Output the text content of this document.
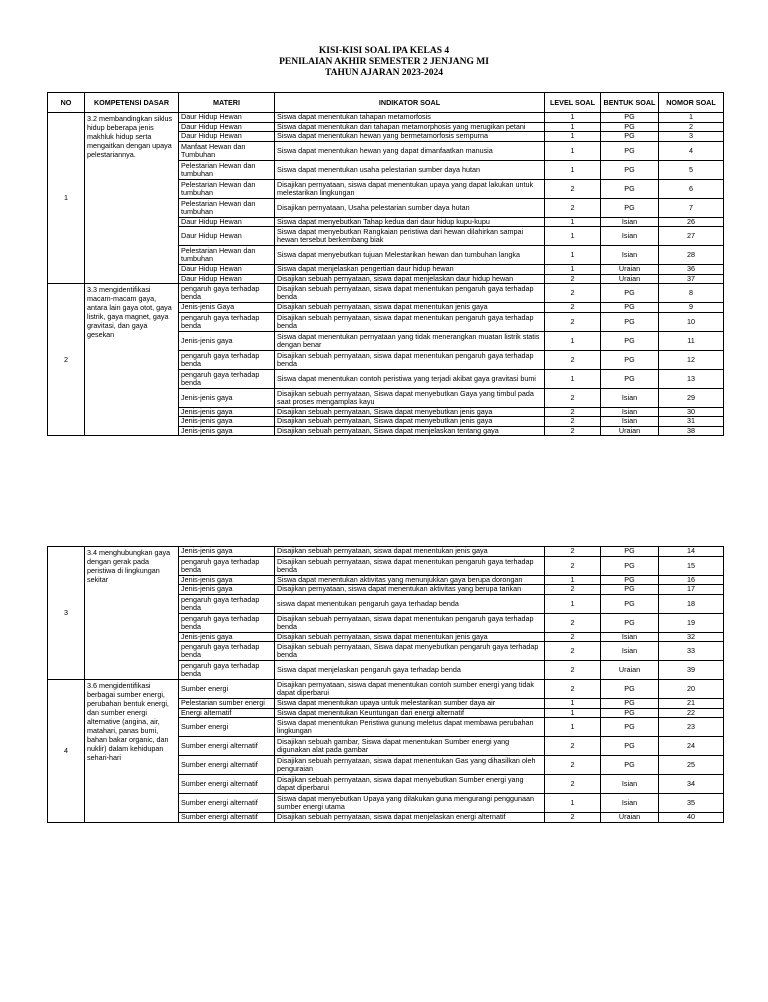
KISI-KISI SOAL IPA KELAS 4
PENILAIAN AKHIR SEMESTER 2 JENJANG MI
TAHUN AJARAN 2023-2024
NO	KOMPETENSI DASAR	MATERI	INDIKATOR SOAL	LEVEL SOAL	BENTUK SOAL	NOMOR SOAL
1	3.2 membandingkan siklus hidup beberapa jenis makhluk hidup serta mengaitkan dengan upaya pelestariannya.	Daur Hidup Hewan	Siswa dapat menentukan tahapan metamorfosis	1	PG	1
		Daur Hidup Hewan	Siswa dapat menentukan dari tahapan metamorphosis yang merugikan petani	1	PG	2
		Daur Hidup Hewan	Siswa dapat menentukan hewan yang bermetamorfosis sempurna	1	PG	3
		Manfaat Hewan dan Tumbuhan	Siswa dapat menentukan hewan yang dapat dimanfaatkan manusia	1	PG	4
		Pelestarian Hewan dan tumbuhan	Siswa dapat menentukan usaha pelestarian sumber daya hutan	1	PG	5
		Pelestarian Hewan dan tumbuhan	Disajikan pernyataan, siswa dapat menentukan upaya yang dapat lakukan untuk melestarikan lingkungan	2	PG	6
		Pelestarian Hewan dan tumbuhan	Disajikan pernyataan, Usaha pelestarian sumber daya hutan	2	PG	7
		Daur Hidup Hewan	Siswa dapat menyebutkan Tahap kedua dari daur hidup kupu-kupu	1	Isian	26
		Daur Hidup Hewan	Siswa dapat menyebutkan Rangkaian peristiwa dari hewan dilahirkan sampai hewan tersebut berkembang biak	1	Isian	27
		Pelestarian Hewan dan tumbuhan	Siswa dapat menyebutkan tujuan Melestarikan hewan dan tumbuhan langka	1	Isian	28
		Daur Hidup Hewan	Siswa dapat menjelaskan pengertian daur hidup hewan	1	Uraian	36
		Daur Hidup Hewan	Disajikan sebuah pernyataan, siswa dapat menjelaskan daur hidup hewan	2	Uraian	37
2	3.3 mengidentifikasi macam-macam gaya, antara lain gaya otot, gaya listrik, gaya magnet, gaya gravitasi, dan gaya gesekan	pengaruh gaya terhadap benda	Disajikan sebuah pernyataan, siswa dapat menentukan pengaruh gaya terhadap benda	2	PG	8
		Jenis-jenis Gaya	Disajikan sebuah pernyataan, siswa dapat menentukan jenis gaya	2	PG	9
		pengaruh gaya terhadap benda	Disajikan sebuah pernyataan, siswa dapat menentukan pengaruh gaya terhadap benda	2	PG	10
		Jenis-jenis gaya	Siswa dapat menentukan pernyataan yang tidak menerangkan muatan listrik statis dengan benar	1	PG	11
		pengaruh gaya terhadap benda	Disajikan sebuah pernyataan, siswa dapat menentukan pengaruh gaya terhadap benda	2	PG	12
		pengaruh gaya terhadap benda	Siswa dapat menentukan contoh peristiwa yang terjadi akibat gaya gravitasi bumi	1	PG	13
		Jenis-jenis gaya	Disajikan sebuah pernyataan, Siswa dapat menyebutkan Gaya yang timbul pada saat proses mengamplas kayu	2	Isian	29
		Jenis-jenis gaya	Disajikan sebuah pernyataan, Siswa dapat menyebutkan jenis gaya	2	Isian	30
		Jenis-jenis gaya	Disajikan sebuah pernyataan, Siswa dapat menyebutkan jenis gaya	2	Isian	31
		Jenis-jenis gaya	Disajikan sebuah pernyataan, Siswa dapat menjelaskan tentang gaya	2	Uraian	38
3	3.4 menghubungkan gaya dengan gerak pada peristiwa di lingkungan sekitar	Jenis-jenis gaya	Disajikan sebuah pernyataan, siswa dapat menentukan jenis gaya	2	PG	14
		pengaruh gaya terhadap benda	Disajikan sebuah pernyataan, siswa dapat menentukan pengaruh gaya terhadap benda	2	PG	15
		Jenis-jenis gaya	Siswa dapat menentukan aktivitas yang menunjukkan gaya berupa dorongan	1	PG	16
		Jenis-jenis gaya	Disajikan pernyataan, siswa dapat menentukan aktivitas yang berupa tarikan	2	PG	17
		pengaruh gaya terhadap benda	siswa dapat menentukan pengaruh gaya terhadap benda	1	PG	18
		pengaruh gaya terhadap benda	Disajikan sebuah pernyataan, siswa dapat menentukan pengaruh gaya terhadap benda	2	PG	19
		Jenis-jenis gaya	Disajikan sebuah pernyataan, siswa dapat menentukan jenis gaya	2	Isian	32
		pengaruh gaya terhadap benda	Disajikan sebuah pernyataan, Siswa dapat menyebutkan pengaruh gaya terhadap benda	2	Isian	33
		pengaruh gaya terhadap benda	Siswa dapat menjelaskan pengaruh gaya terhadap benda	2	Uraian	39
4	3.6 mengidentifikasi berbagai sumber energi, perubahan bentuk energi, dan sumber energi alternative (angina, air, matahari, panas bumi, bahan bakar organic, dan nuklir) dalam kehidupan sehari-hari	Sumber energi	Disajikan pernyataan, siswa dapat menentukan contoh sumber energi yang tidak dapat diperbarui	2	PG	20
		Pelestarian sumber energi	Siswa dapat menentukan upaya untuk melestarikan sumber daya air	1	PG	21
		Energi alternatif	Siswa dapat menentukan Keuntungan dari energi alternatif	1	PG	22
		Sumber energi	Siswa dapat menentukan Peristiwa gunung meletus dapat membawa perubahan lingkungan	1	PG	23
		Sumber energi alternatif	Disajikan sebuah gambar, Siswa dapat menentukan Sumber energi yang digunakan alat pada gambar	2	PG	24
		Sumber energi alternatif	Disajikan sebuah pernyataan, siswa dapat menentukan Gas yang dihasilkan oleh penguraian	2	PG	25
		Sumber energi alternatif	Disajikan sebuah pernyataan, siswa dapat menyebutkan Sumber energi yang dapat diperbarui	2	Isian	34
		Sumber energi alternatif	Siswa dapat menyebutkan Upaya yang dilakukan guna mengurangi penggunaan sumber energi utama	1	Isian	35
		Sumber energi alternatif	Disajikan sebuah pernyataan, siswa dapat menjelaskan energi alternatif	2	Uraian	40
